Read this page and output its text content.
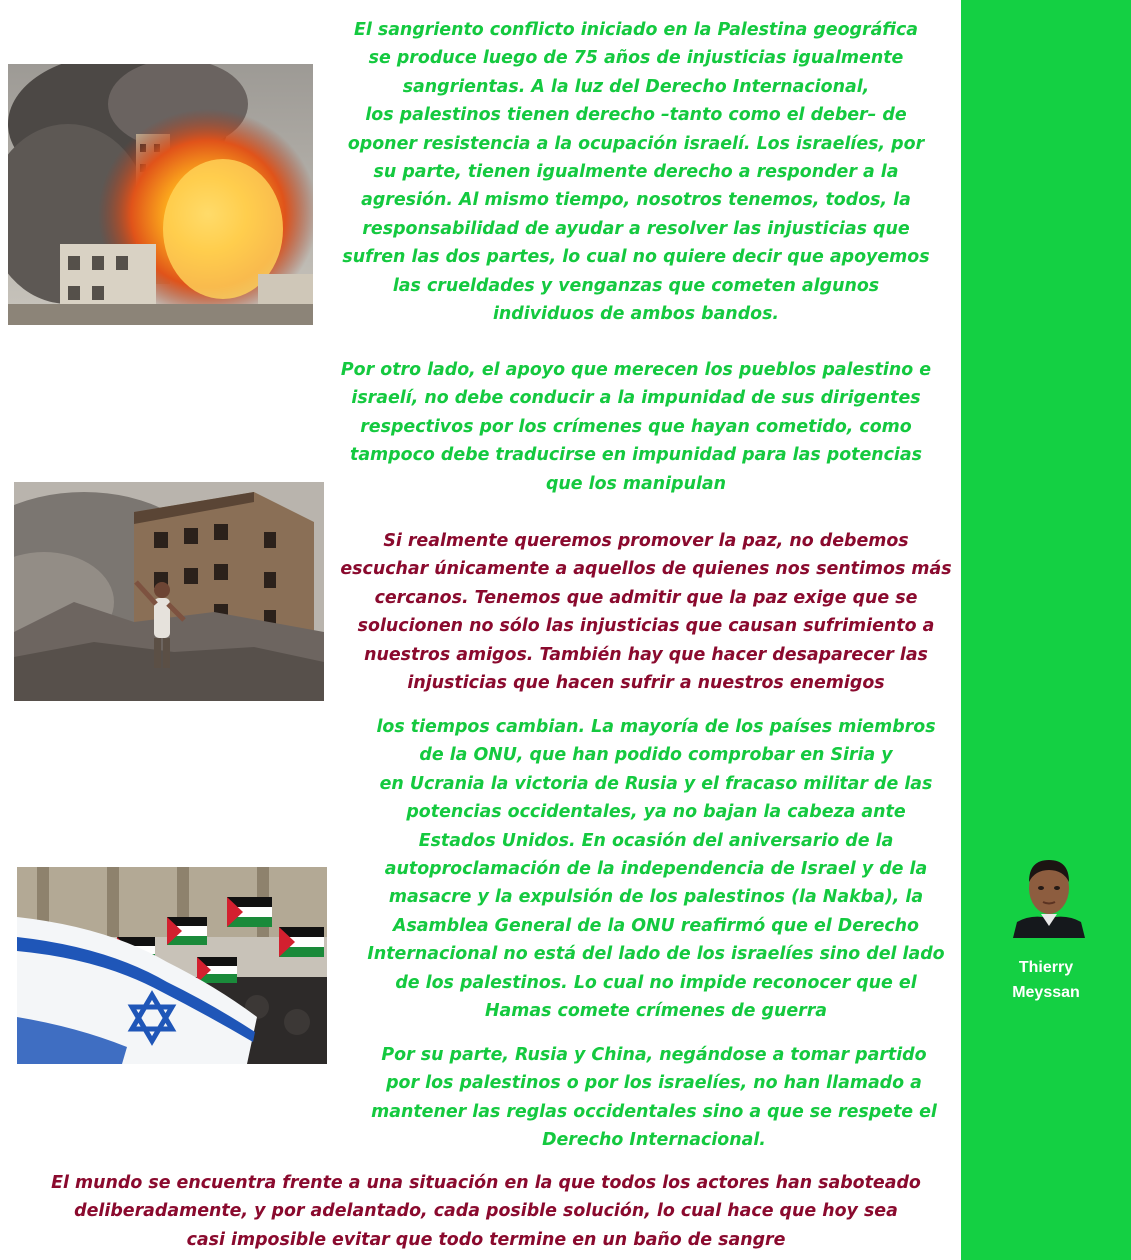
Thierry
Meyssan

El sangriento conflicto iniciado en la Palestina geográfica
se produce luego de 75 años de injusticias igualmente
sangrientas. A la luz del Derecho Internacional,
los palestinos tienen derecho –tanto como el deber– de
oponer resistencia a la ocupación israelí. Los israelíes, por
su parte, tienen igualmente derecho a responder a la
agresión. Al mismo tiempo, nosotros tenemos, todos, la
responsabilidad de ayudar a resolver las injusticias que
sufren las dos partes, lo cual no quiere decir que apoyemos
las crueldades y venganzas que cometen algunos
individuos de ambos bandos.

Por otro lado, el apoyo que merecen los pueblos palestino e
israelí, no debe conducir a la impunidad de sus dirigentes
respectivos por los crímenes que hayan cometido, como
tampoco debe traducirse en impunidad para las potencias
que los manipulan

Si realmente queremos promover la paz, no debemos
escuchar únicamente a aquellos de quienes nos sentimos más
cercanos. Tenemos que admitir que la paz exige que se
solucionen no sólo las injusticias que causan sufrimiento a
nuestros amigos. También hay que hacer desaparecer las
injusticias que hacen sufrir a nuestros enemigos

los tiempos cambian. La mayoría de los países miembros
de la ONU, que han podido comprobar en Siria y
en Ucrania la victoria de Rusia y el fracaso militar de las
potencias occidentales, ya no bajan la cabeza ante
Estados Unidos. En ocasión del aniversario de la
autoproclamación de la independencia de Israel y de la
masacre y la expulsión de los palestinos (la Nakba), la
Asamblea General de la ONU reafirmó que el Derecho
Internacional no está del lado de los israelíes sino del lado
de los palestinos. Lo cual no impide reconocer que el
Hamas comete crímenes de guerra

Por su parte, Rusia y China, negándose a tomar partido
por los palestinos o por los israelíes, no han llamado a
mantener las reglas occidentales sino a que se respete el
Derecho Internacional.

El mundo se encuentra frente a una situación en la que todos los actores han saboteado
deliberadamente, y por adelantado, cada posible solución, lo cual hace que hoy sea
casi imposible evitar que todo termine en un baño de sangre
